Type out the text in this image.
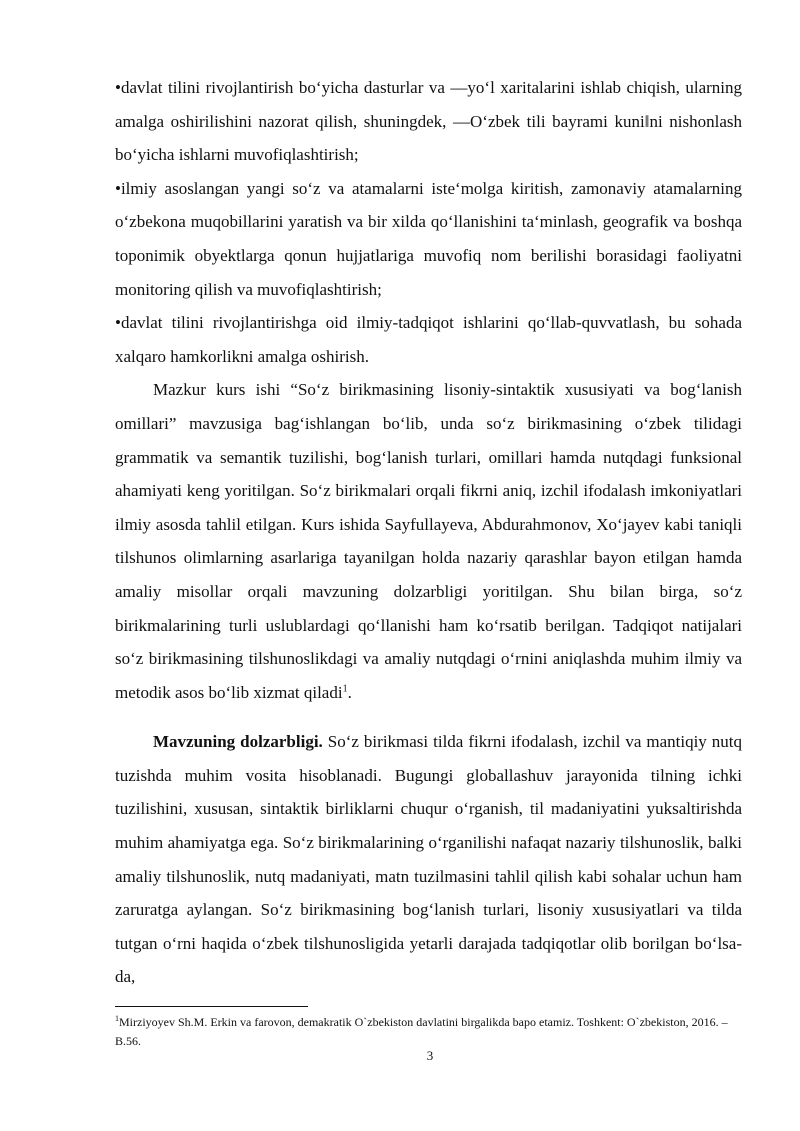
•davlat tilini rivojlantirish bo‘yicha dasturlar va ―yo‘l xaritalarini ishlab chiqish, ularning amalga oshirilishini nazorat qilish, shuningdek, ―O‘zbek tili bayrami kuni‖ni nishonlash bo‘yicha ishlarni muvofiqlashtirish;

•ilmiy asoslangan yangi so‘z va atamalarni iste‘molga kiritish, zamonaviy atamalarning o‘zbekona muqobillarini yaratish va bir xilda qo‘llanishini ta‘minlash, geografik va boshqa toponimik obyektlarga qonun hujjatlariga muvofiq nom berilishi borasidagi faoliyatni monitoring qilish va muvofiqlashtirish;

•davlat tilini rivojlantirishga oid ilmiy-tadqiqot ishlarini qo‘llab-quvvatlash, bu sohada xalqaro hamkorlikni amalga oshirish.

Mazkur kurs ishi “So‘z birikmasining lisoniy-sintaktik xususiyati va bog‘lanish omillari” mavzusiga bag‘ishlangan bo‘lib, unda so‘z birikmasining o‘zbek tilidagi grammatik va semantik tuzilishi, bog‘lanish turlari, omillari hamda nutqdagi funksional ahamiyati keng yoritilgan. So‘z birikmalari orqali fikrni aniq, izchil ifodalash imkoniyatlari ilmiy asosda tahlil etilgan. Kurs ishida Sayfullayeva, Abdurahmonov, Xo‘jayev kabi taniqli tilshunos olimlarning asarlariga tayanilgan holda nazariy qarashlar bayon etilgan hamda amaliy misollar orqali mavzuning dolzarbligi yoritilgan. Shu bilan birga, so‘z birikmalarining turli uslublardagi qo‘llanishi ham ko‘rsatib berilgan. Tadqiqot natijalari so‘z birikmasining tilshunoslikdagi va amaliy nutqdagi o‘rnini aniqlashda muhim ilmiy va metodik asos bo‘lib xizmat qiladi$^1$.

Mavzuning dolzarbligi. So‘z birikmasi tilda fikrni ifodalash, izchil va mantiqiy nutq tuzishda muhim vosita hisoblanadi. Bugungi globallashuv jarayonida tilning ichki tuzilishini, xususan, sintaktik birliklarni chuqur o‘rganish, til madaniyatini yuksaltirishda muhim ahamiyatga ega. So‘z birikmalarining o‘rganilishi nafaqat nazariy tilshunoslik, balki amaliy tilshunoslik, nutq madaniyati, matn tuzilmasini tahlil qilish kabi sohalar uchun ham zaruratga aylangan. So‘z birikmasining bog‘lanish turlari, lisoniy xususiyatlari va tilda tutgan o‘rni haqida o‘zbek tilshunosligida yetarli darajada tadqiqotlar olib borilgan bo‘lsa-da,

$^1$Mirziyoyev Sh.M. Erkin va farovon, demakratik O`zbekiston davlatini birgalikda bapo etamiz. Toshkent: O`zbekiston, 2016. – B.56.
3
